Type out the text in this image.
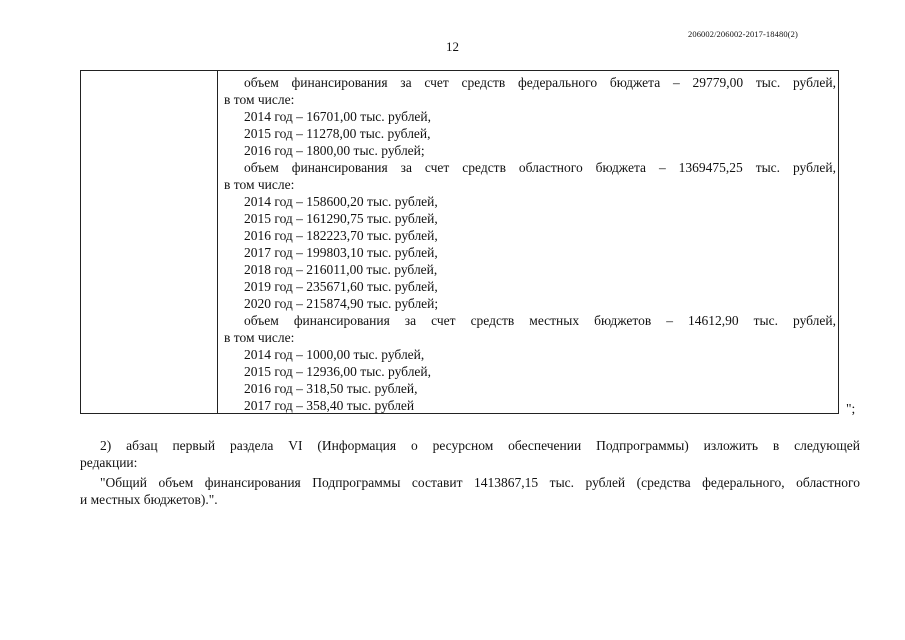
206002/206002-2017-18480(2)
12
объем финансирования за счет средств федерального бюджета – 29779,00 тыс. рублей,
в том числе:
2014 год – 16701,00 тыс. рублей,
2015 год – 11278,00 тыс. рублей,
2016 год – 1800,00 тыс. рублей;
объем финансирования за счет средств областного бюджета – 1369475,25 тыс. рублей,
в том числе:
2014 год – 158600,20 тыс. рублей,
2015 год – 161290,75 тыс. рублей,
2016 год – 182223,70 тыс. рублей,
2017 год – 199803,10 тыс. рублей,
2018 год – 216011,00 тыс. рублей,
2019 год – 235671,60 тыс. рублей,
2020 год – 215874,90 тыс. рублей;
объем финансирования за счет средств местных бюджетов – 14612,90 тыс. рублей,
в том числе:
2014 год – 1000,00 тыс. рублей,
2015 год – 12936,00 тыс. рублей,
2016 год – 318,50 тыс. рублей,
2017 год – 358,40 тыс. рублей	";
2) абзац первый раздела VI (Информация о ресурсном обеспечении Подпрограммы) изложить в следующей
редакции:
"Общий объем финансирования Подпрограммы составит 1413867,15 тыс. рублей (средства федерального, областного
и местных бюджетов).".
